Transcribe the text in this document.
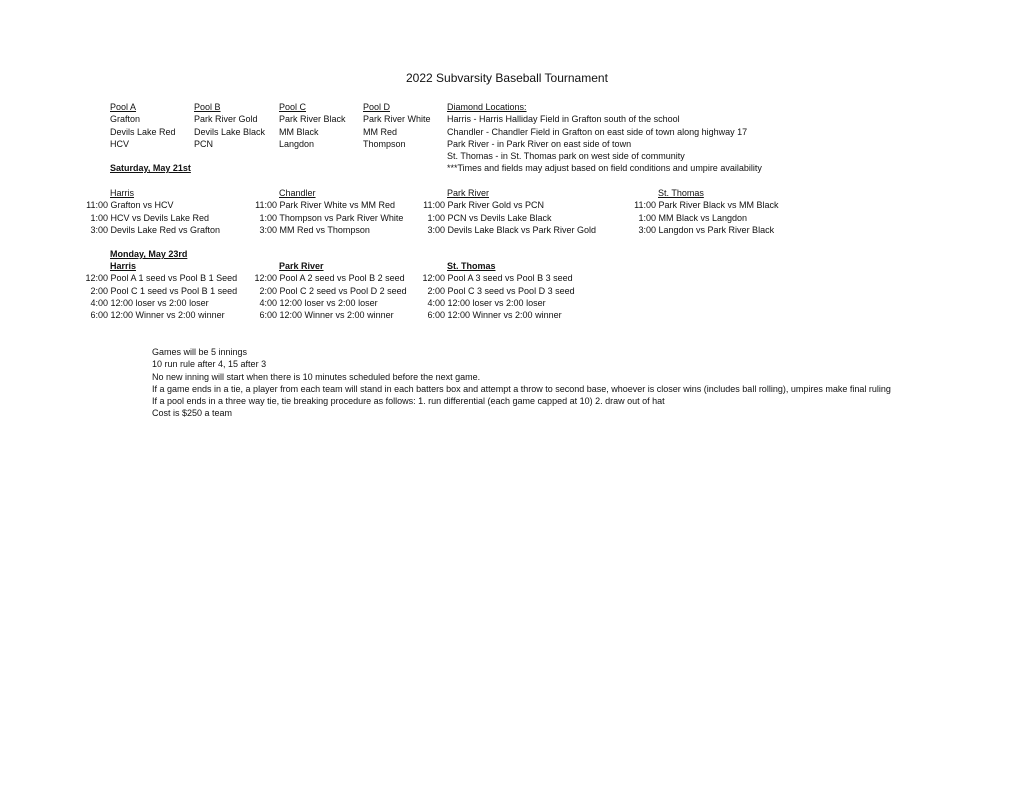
2022 Subvarsity Baseball Tournament
Pool A
Grafton
Devils Lake Red
HCV
Pool B
Park River Gold
Devils Lake Black
PCN
Pool C
Park River Black
MM Black
Langdon
Pool D
Park River White
MM Red
Thompson
Diamond Locations:
Harris - Harris Halliday Field in Grafton south of the school
Chandler - Chandler Field in Grafton on east side of town along highway 17
Park River - in Park River on east side of town
St. Thomas - in St. Thomas park on west side of community
***Times and fields may adjust based on field conditions and umpire availability
Saturday, May 21st
Harris
11:00 Grafton vs HCV
1:00 HCV vs Devils Lake Red
3:00 Devils Lake Red vs Grafton
Chandler
11:00 Park River White vs MM Red
1:00 Thompson vs Park River White
3:00 MM Red vs Thompson
Park River
11:00 Park River Gold vs PCN
1:00 PCN vs Devils Lake Black
3:00 Devils Lake Black vs Park River Gold
St. Thomas
11:00 Park River Black vs MM Black
1:00 MM Black vs Langdon
3:00 Langdon vs Park River Black
Monday, May 23rd
Harris
12:00 Pool A 1 seed vs Pool B 1 Seed
2:00 Pool C 1 seed vs Pool B 1 seed
4:00 12:00 loser vs 2:00 loser
6:00 12:00 Winner vs 2:00 winner
Park River
12:00 Pool A 2 seed vs Pool B 2 seed
2:00 Pool C 2 seed vs Pool D 2 seed
4:00 12:00 loser vs 2:00 loser
6:00 12:00 Winner vs 2:00 winner
St. Thomas
12:00 Pool A 3 seed vs Pool B 3 seed
2:00 Pool C 3 seed vs Pool D 3 seed
4:00 12:00 loser vs 2:00 loser
6:00 12:00 Winner vs 2:00 winner
Games will be 5 innings
10 run rule after 4, 15 after 3
No new inning will start when there is 10 minutes scheduled before the next game.
If a game ends in a tie, a player from each team will stand in each batters box and attempt a throw to second base, whoever is closer wins (includes ball rolling), umpires make final ruling
If a pool ends in a three way tie, tie breaking procedure as follows: 1. run differential (each game capped at 10) 2. draw out of hat
Cost is $250 a team
